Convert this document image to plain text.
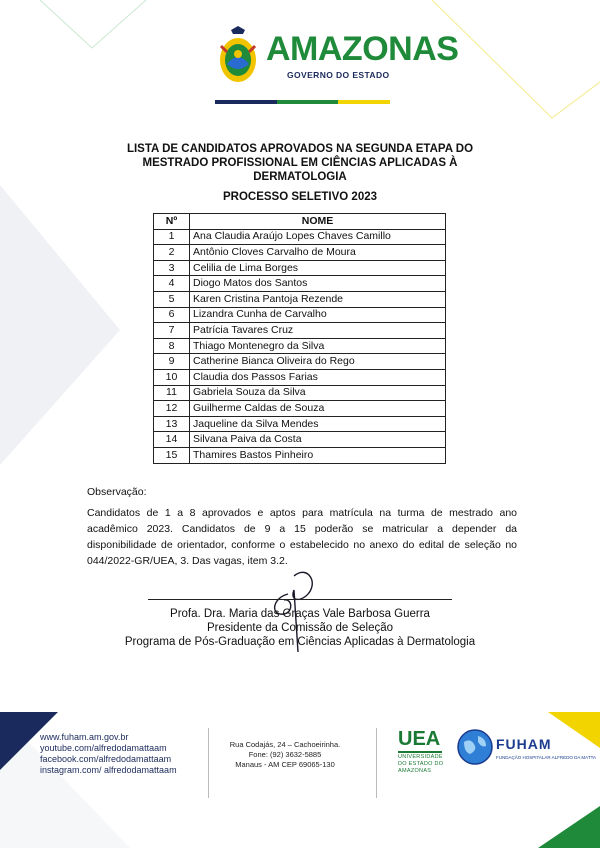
AMAZONAS
GOVERNO DO ESTADO
LISTA DE CANDIDATOS APROVADOS NA SEGUNDA ETAPA DO
MESTRADO PROFISSIONAL EM CIÊNCIAS APLICADAS À
DERMATOLOGIA
PROCESSO SELETIVO 2023
Nº	NOME
1	Ana Claudia Araújo Lopes Chaves Camillo
2	Antônio Cloves Carvalho de Moura
3	Celilia de Lima Borges
4	Diogo Matos dos Santos
5	Karen Cristina Pantoja Rezende
6	Lizandra Cunha de Carvalho
7	Patrícia Tavares Cruz
8	Thiago Montenegro da Silva
9	Catherine Bianca Oliveira do Rego
10	Claudia dos Passos Farias
11	Gabriela Souza da Silva
12	Guilherme Caldas de Souza
13	Jaqueline da Silva Mendes
14	Silvana Paiva da Costa
15	Thamires Bastos Pinheiro
Observação:
Candidatos de 1 a 8 aprovados e aptos para matrícula na turma de mestrado ano acadêmico 2023. Candidatos de 9 a 15 poderão se matricular a depender da disponibilidade de orientador, conforme o estabelecido no anexo do edital de seleção no 044/2022-GR/UEA, 3. Das vagas, item 3.2.
Profa. Dra. Maria das Graças Vale Barbosa Guerra
Presidente da Comissão de Seleção
Programa de Pós-Graduação em Ciências Aplicadas à Dermatologia
www.fuham.am.gov.br
youtube.com/alfredodamattaam
facebook.com/alfredodamattaam
instagram.com/ alfredodamattaam
Rua Codajás, 24 – Cachoeirinha.
Fone: (92) 3632-5885
Manaus - AM CEP 69065-130
UEA
UNIVERSIDADE
DO ESTADO DO
AMAZONAS
FUHAM
FUNDAÇÃO HOSPITALAR ALFREDO DA MATTA
